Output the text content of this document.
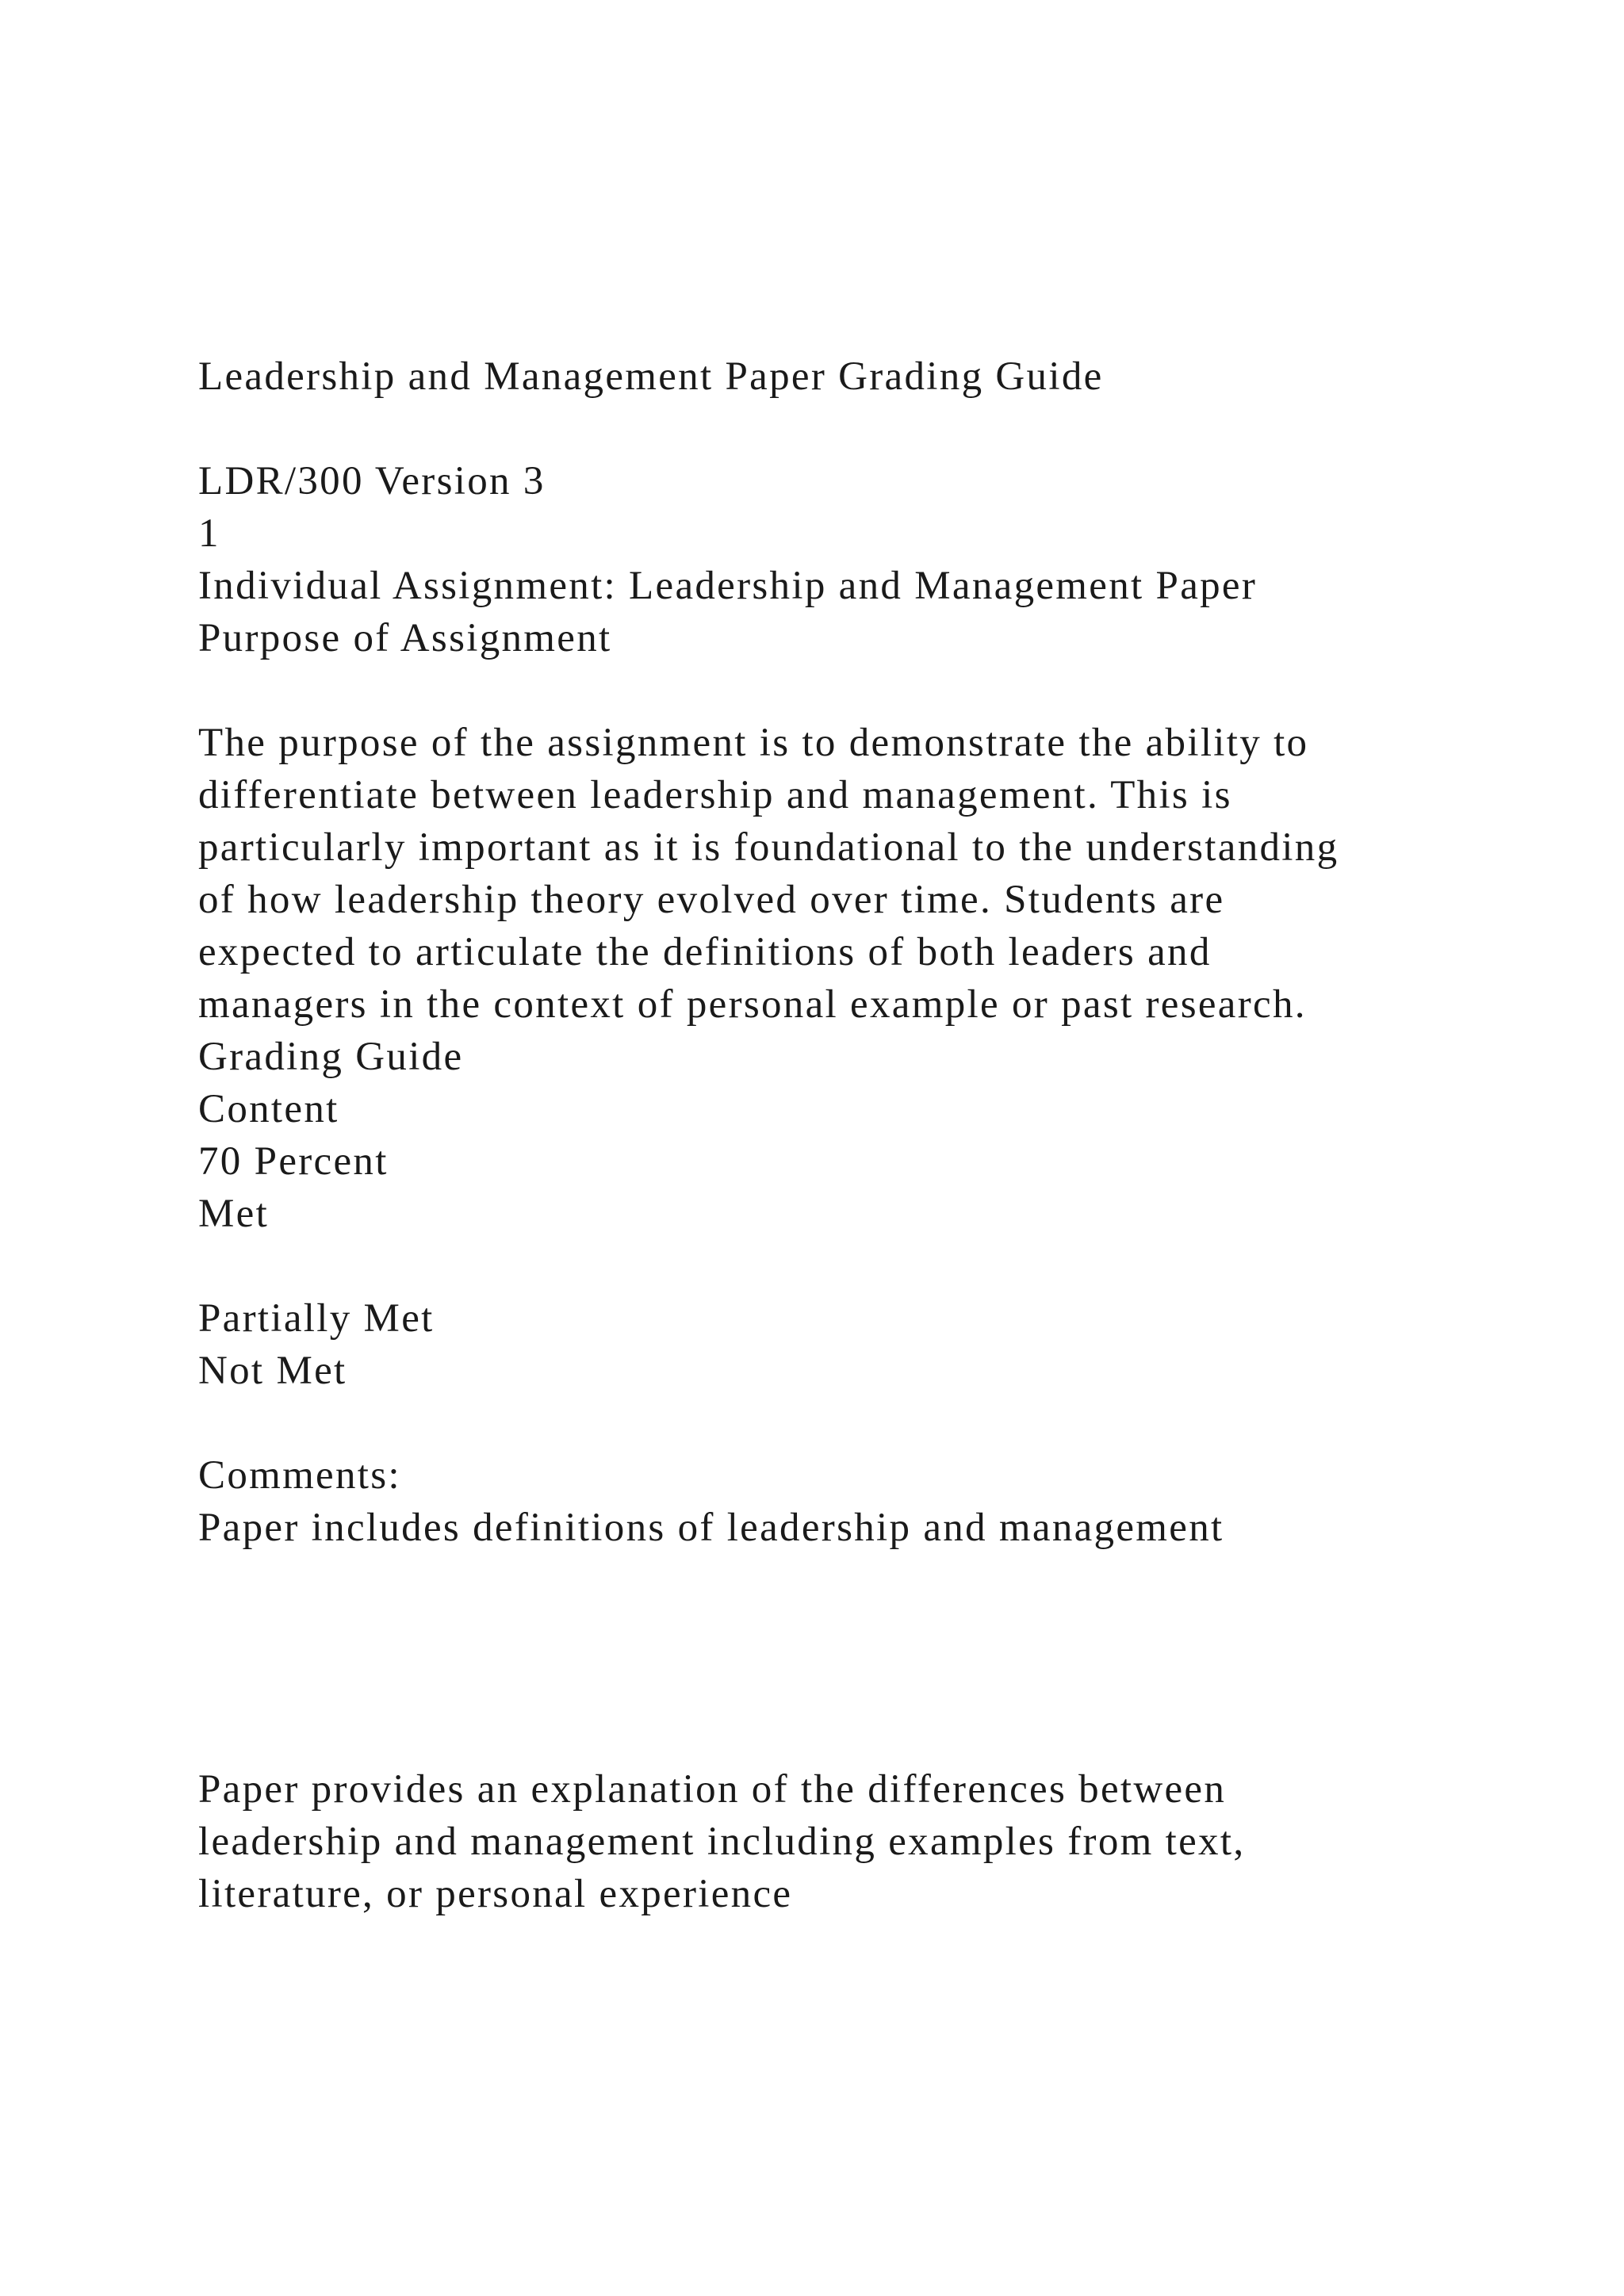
Leadership and Management Paper Grading Guide
LDR/300 Version 3
1
Individual Assignment: Leadership and Management Paper
Purpose of Assignment
The purpose of the assignment is to demonstrate the ability to
differentiate between leadership and management. This is
particularly important as it is foundational to the understanding
of how leadership theory evolved over time. Students are
expected to articulate the definitions of both leaders and
managers in the context of personal example or past research.
Grading Guide
Content
70 Percent
Met
Partially Met
Not Met
Comments:
Paper includes definitions of leadership and management
Paper provides an explanation of the differences between
leadership and management including examples from text,
literature, or personal experience
